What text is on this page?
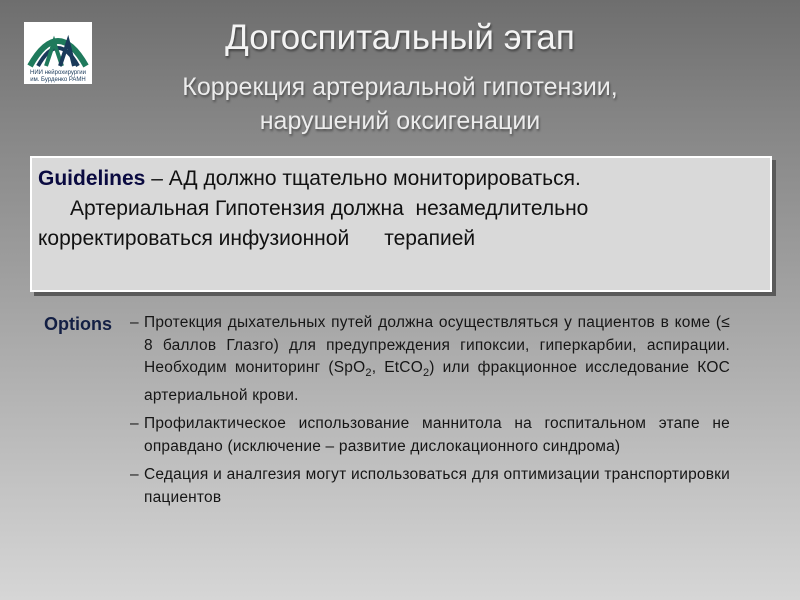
НИИ нейрохирургии
им. Бурденко РАМН
Догоспитальный этап
Коррекция артериальной гипотензии,
нарушений оксигенации
Guidelines – АД должно тщательно мониторироваться.
Артериальная Гипотензия должна  незамедлительно
корректироваться инфузионной      терапией
Options – Протекция дыхательных путей должна осуществляться у пациентов в коме (≤ 8 баллов Глазго) для предупреждения гипоксии, гиперкарбии, аспирации. Необходим мониторинг (SpO$_2$, EtCO$_2$) или фракционное исследование КОС артериальной крови.
– Профилактическое использование маннитола на госпитальном этапе не оправдано (исключение – развитие дислокационного синдрома)
– Седация и аналгезия могут использоваться для оптимизации транспортировки пациентов
